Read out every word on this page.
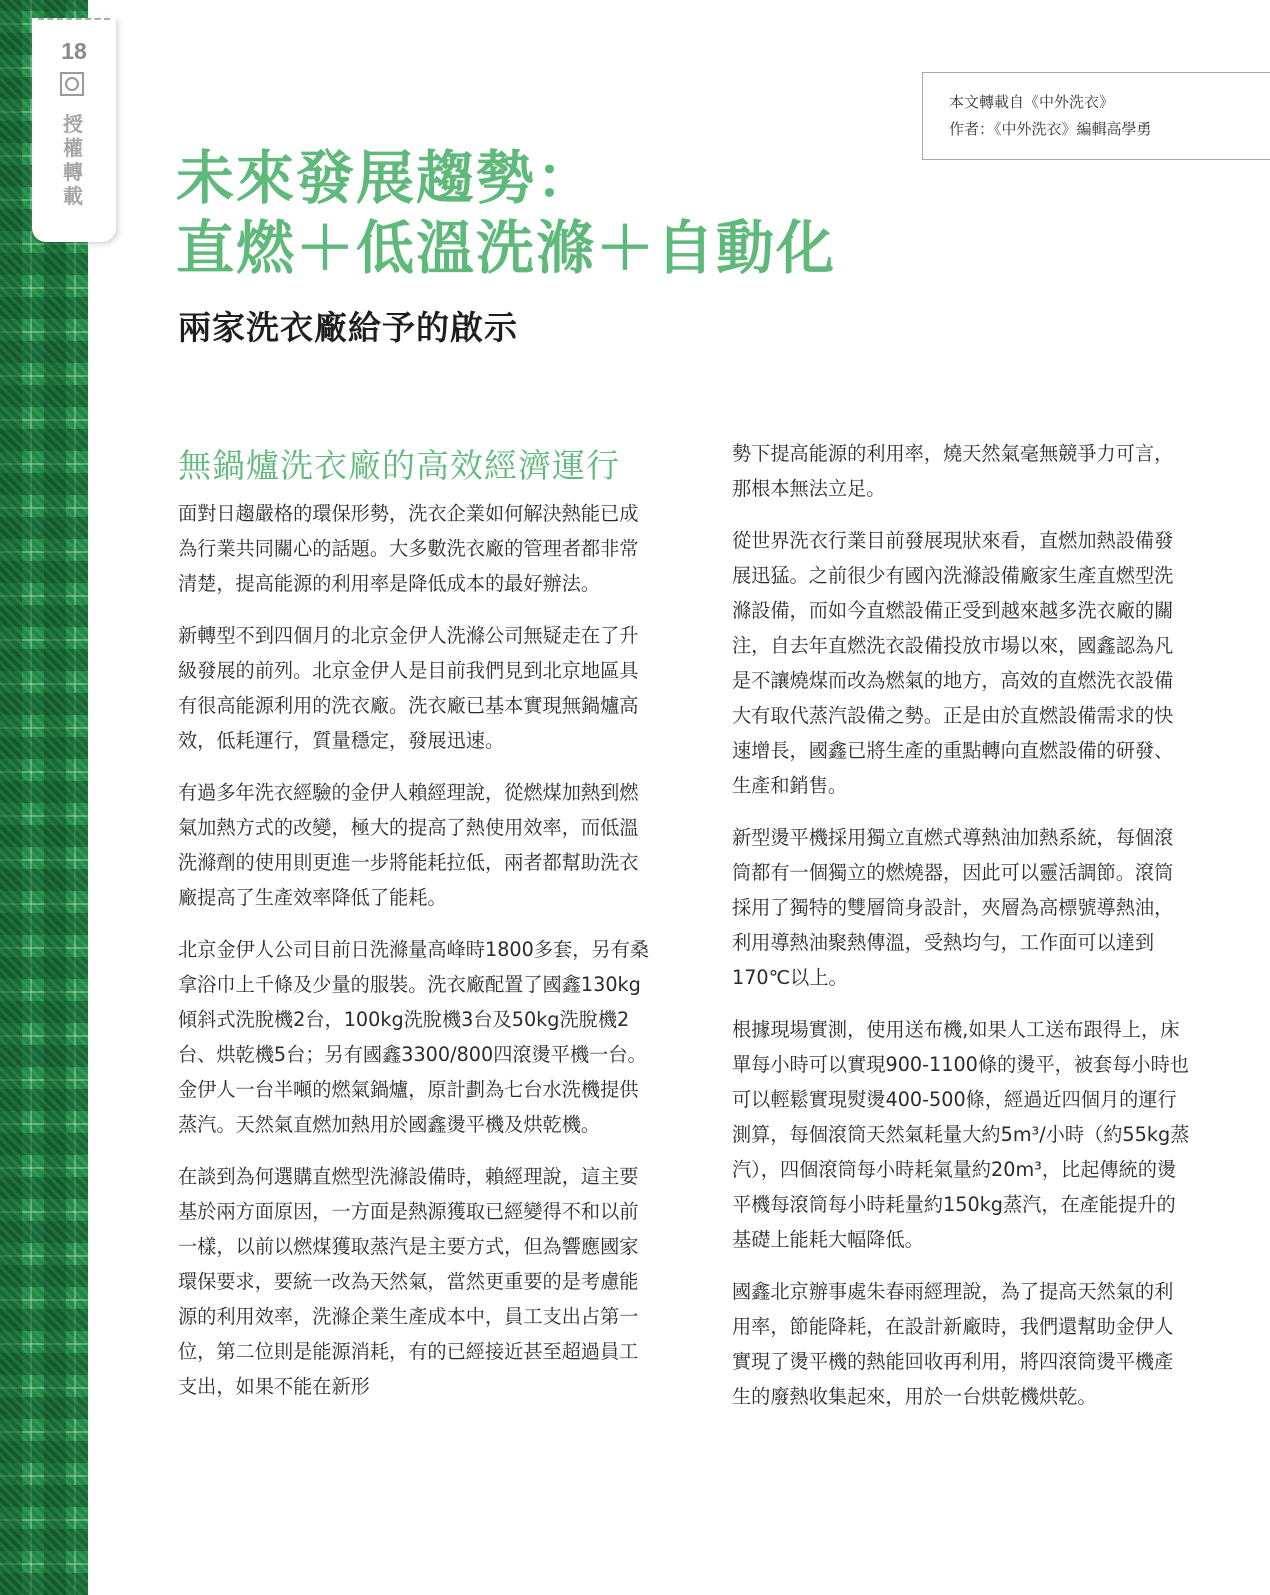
18
授
權
轉
載
本文轉載自《中外洗衣》
作者：《中外洗衣》編輯高學勇
未來發展趨勢：
直燃＋低溫洗滌＋自動化
兩家洗衣廠給予的啟示
無鍋爐洗衣廠的高效經濟運行

面對日趨嚴格的環保形勢，洗衣企業如何解決熱能已成為行業共同關心的話題。大多數洗衣廠的管理者都非常清楚，提高能源的利用率是降低成本的最好辦法。

新轉型不到四個月的北京金伊人洗滌公司無疑走在了升級發展的前列。北京金伊人是目前我們見到北京地區具有很高能源利用的洗衣廠。洗衣廠已基本實現無鍋爐高效，低耗運行，質量穩定，發展迅速。

有過多年洗衣經驗的金伊人賴經理說，從燃煤加熱到燃氣加熱方式的改變，極大的提高了熱使用效率，而低溫洗滌劑的使用則更進一步將能耗拉低，兩者都幫助洗衣廠提高了生產效率降低了能耗。

北京金伊人公司目前日洗滌量高峰時1800多套，另有桑拿浴巾上千條及少量的服裝。洗衣廠配置了國鑫130kg傾斜式洗脫機2台，100kg洗脫機3台及50kg洗脫機2台、烘乾機5台；另有國鑫3300/800四滾燙平機一台。金伊人一台半噸的燃氣鍋爐，原計劃為七台水洗機提供蒸汽。天然氣直燃加熱用於國鑫燙平機及烘乾機。

在談到為何選購直燃型洗滌設備時，賴經理說，這主要基於兩方面原因，一方面是熱源獲取已經變得不和以前一樣，以前以燃煤獲取蒸汽是主要方式，但為響應國家環保要求，要統一改為天然氣，當然更重要的是考慮能源的利用效率，洗滌企業生產成本中，員工支出占第一位，第二位則是能源消耗，有的已經接近甚至超過員工支出，如果不能在新形

勢下提高能源的利用率，燒天然氣毫無競爭力可言，那根本無法立足。

從世界洗衣行業目前發展現狀來看，直燃加熱設備發展迅猛。之前很少有國內洗滌設備廠家生產直燃型洗滌設備，而如今直燃設備正受到越來越多洗衣廠的關注，自去年直燃洗衣設備投放市場以來，國鑫認為凡是不讓燒煤而改為燃氣的地方，高效的直燃洗衣設備大有取代蒸汽設備之勢。正是由於直燃設備需求的快速增長，國鑫已將生產的重點轉向直燃設備的研發、生產和銷售。

新型燙平機採用獨立直燃式導熱油加熱系統，每個滾筒都有一個獨立的燃燒器，因此可以靈活調節。滾筒採用了獨特的雙層筒身設計，夾層為高標號導熱油，利用導熱油聚熱傳溫，受熱均勻，工作面可以達到170℃以上。

根據現場實測，使用送布機,如果人工送布跟得上，床單每小時可以實現900-1100條的燙平，被套每小時也可以輕鬆實現熨燙400-500條，經過近四個月的運行測算，每個滾筒天然氣耗量大約5m³/小時（約55kg蒸汽），四個滾筒每小時耗氣量約20m³，比起傳統的燙平機每滾筒每小時耗量約150kg蒸汽，在產能提升的基礎上能耗大幅降低。

國鑫北京辦事處朱春雨經理說，為了提高天然氣的利用率，節能降耗，在設計新廠時，我們還幫助金伊人實現了燙平機的熱能回收再利用，將四滾筒燙平機產生的廢熱收集起來，用於一台烘乾機烘乾。
